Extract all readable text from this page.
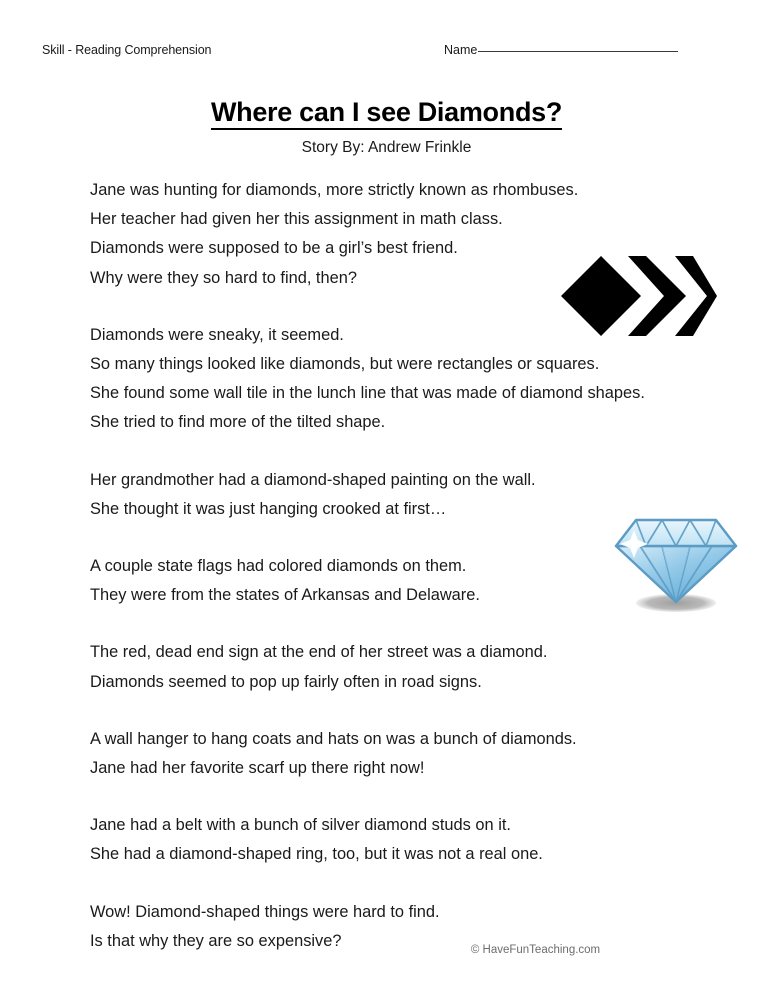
Skill - Reading Comprehension	Name
Where can I see Diamonds?
Story By: Andrew Frinkle
Jane was hunting for diamonds, more strictly known as rhombuses.
Her teacher had given her this assignment in math class.
Diamonds were supposed to be a girl’s best friend.
Why were they so hard to find, then?
Diamonds were sneaky, it seemed.
So many things looked like diamonds, but were rectangles or squares.
She found some wall tile in the lunch line that was made of diamond shapes.
She tried to find more of the tilted shape.
Her grandmother had a diamond-shaped painting on the wall.
She thought it was just hanging crooked at first…
A couple state flags had colored diamonds on them.
They were from the states of Arkansas and Delaware.
The red, dead end sign at the end of her street was a diamond.
Diamonds seemed to pop up fairly often in road signs.
A wall hanger to hang coats and hats on was a bunch of diamonds.
Jane had her favorite scarf up there right now!
Jane had a belt with a bunch of silver diamond studs on it.
She had a diamond-shaped ring, too, but it was not a real one.
Wow! Diamond-shaped things were hard to find.
Is that why they are so expensive?
© HaveFunTeaching.com
